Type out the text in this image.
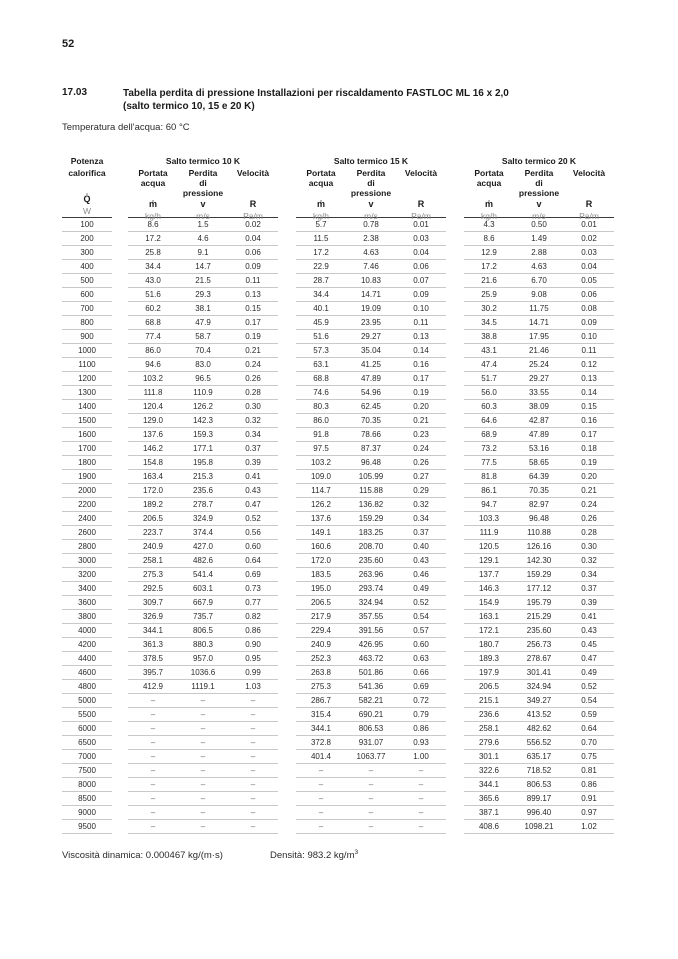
52
17.03	Tabella perdita di pressione Installazioni per riscaldamento FASTLOC ML 16 x 2,0
(salto termico 10, 15 e 20 K)
Temperatura dell'acqua: 60 °C
Potenza
calorifica
Q̇
W
Salto termico 10 K
Portata
acqua
ṁ
kg/h
Perdita
di pressione
v
m/s
Velocità
R
Pa/m
Salto termico 15 K
Portata
acqua
ṁ
kg/h
Perdita
di pressione
v
m/s
Velocità
R
Pa/m
Salto termico 20 K
Portata
acqua
ṁ
kg/h
Perdita
di pressione
v
m/s
Velocità
R
Pa/m
100	8.6	1.5	0.02	5.7	0.78	0.01	4.3	0.50	0.01
200	17.2	4.6	0.04	11.5	2.38	0.03	8.6	1.49	0.02
300	25.8	9.1	0.06	17.2	4.63	0.04	12.9	2.88	0.03
400	34.4	14.7	0.09	22.9	7.46	0.06	17.2	4.63	0.04
500	43.0	21.5	0.11	28.7	10.83	0.07	21.6	6.70	0.05
600	51.6	29.3	0.13	34.4	14.71	0.09	25.9	9.08	0.06
700	60.2	38.1	0.15	40.1	19.09	0.10	30.2	11.75	0.08
800	68.8	47.9	0.17	45.9	23.95	0.11	34.5	14.71	0.09
900	77.4	58.7	0.19	51.6	29.27	0.13	38.8	17.95	0.10
1000	86.0	70.4	0.21	57.3	35.04	0.14	43.1	21.46	0.11
1100	94.6	83.0	0.24	63.1	41.25	0.16	47.4	25.24	0.12
1200	103.2	96.5	0.26	68.8	47.89	0.17	51.7	29.27	0.13
1300	111.8	110.9	0.28	74.6	54.96	0.19	56.0	33.55	0.14
1400	120.4	126.2	0.30	80.3	62.45	0.20	60.3	38.09	0.15
1500	129.0	142.3	0.32	86.0	70.35	0.21	64.6	42.87	0.16
1600	137.6	159.3	0.34	91.8	78.66	0.23	68.9	47.89	0.17
1700	146.2	177.1	0.37	97.5	87.37	0.24	73.2	53.16	0.18
1800	154.8	195.8	0.39	103.2	96.48	0.26	77.5	58.65	0.19
1900	163.4	215.3	0.41	109.0	105.99	0.27	81.8	64.39	0.20
2000	172.0	235.6	0.43	114.7	115.88	0.29	86.1	70.35	0.21
2200	189.2	278.7	0.47	126.2	136.82	0.32	94.7	82.97	0.24
2400	206.5	324.9	0.52	137.6	159.29	0.34	103.3	96.48	0.26
2600	223.7	374.4	0.56	149.1	183.25	0.37	111.9	110.88	0.28
2800	240.9	427.0	0.60	160.6	208.70	0.40	120.5	126.16	0.30
3000	258.1	482.6	0.64	172.0	235.60	0.43	129.1	142.30	0.32
3200	275.3	541.4	0.69	183.5	263.96	0.46	137.7	159.29	0.34
3400	292.5	603.1	0.73	195.0	293.74	0.49	146.3	177.12	0.37
3600	309.7	667.9	0.77	206.5	324.94	0.52	154.9	195.79	0.39
3800	326.9	735.7	0.82	217.9	357.55	0.54	163.1	215.29	0.41
4000	344.1	806.5	0.86	229.4	391.56	0.57	172.1	235.60	0.43
4200	361.3	880.3	0.90	240.9	426.95	0.60	180.7	256.73	0.45
4400	378.5	957.0	0.95	252.3	463.72	0.63	189.3	278.67	0.47
4600	395.7	1036.6	0.99	263.8	501.86	0.66	197.9	301.41	0.49
4800	412.9	1119.1	1.03	275.3	541.36	0.69	206.5	324.94	0.52
5000	–	–	–	286.7	582.21	0.72	215.1	349.27	0.54
5500	–	–	–	315.4	690.21	0.79	236.6	413.52	0.59
6000	–	–	–	344.1	806.53	0.86	258.1	482.62	0.64
6500	–	–	–	372.8	931.07	0.93	279.6	556.52	0.70
7000	–	–	–	401.4	1063.77	1.00	301.1	635.17	0.75
7500	–	–	–	–	–	–	322.6	718.52	0.81
8000	–	–	–	–	–	–	344.1	806.53	0.86
8500	–	–	–	–	–	–	365.6	899.17	0.91
9000	–	–	–	–	–	–	387.1	996.40	0.97
9500	–	–	–	–	–	–	408.6	1098.21	1.02
Viscosità dinamica: 0.000467 kg/(m·s)	Densità: 983.2 $kg/m^3$
